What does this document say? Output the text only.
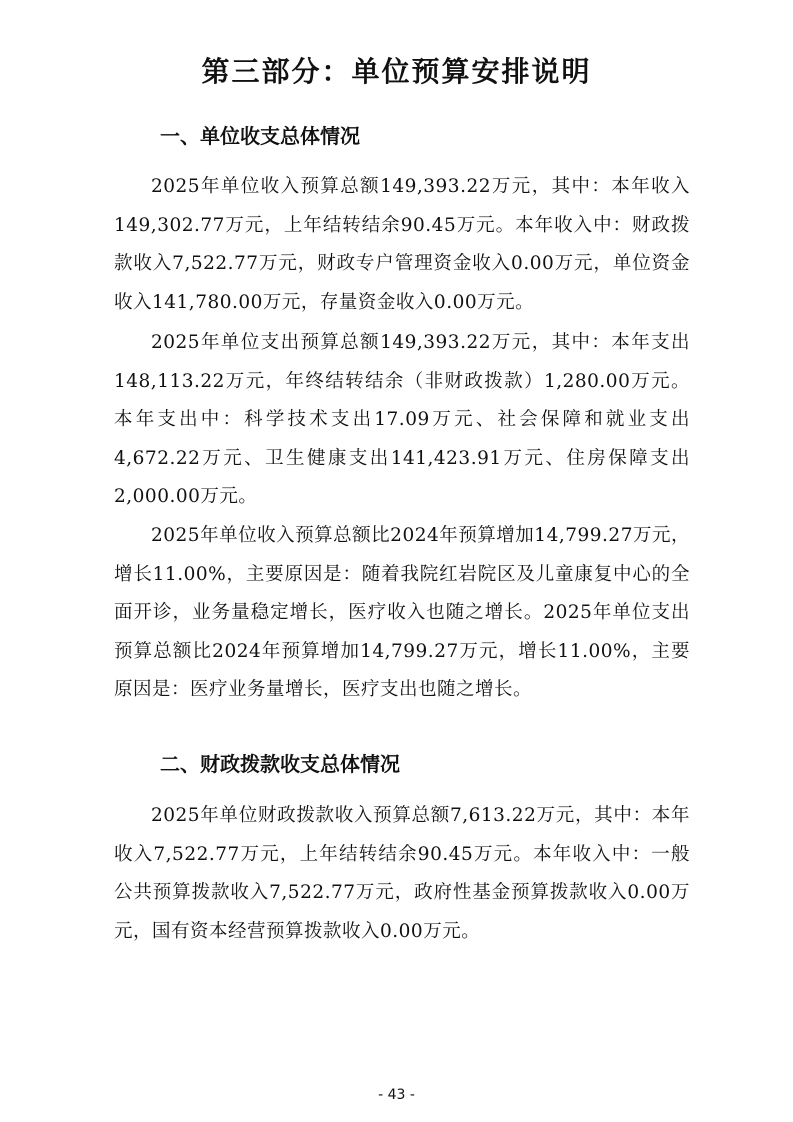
第三部分：单位预算安排说明
一、单位收支总体情况

2025年单位收入预算总额149,393.22万元，其中：本年收入149,302.77万元，上年结转结余90.45万元。本年收入中：财政拨款收入7,522.77万元，财政专户管理资金收入0.00万元，单位资金收入141,780.00万元，存量资金收入0.00万元。

2025年单位支出预算总额149,393.22万元，其中：本年支出148,113.22万元，年终结转结余（非财政拨款）1,280.00万元。本年支出中：科学技术支出17.09万元、社会保障和就业支出4,672.22万元、卫生健康支出141,423.91万元、住房保障支出2,000.00万元。

2025年单位收入预算总额比2024年预算增加14,799.27万元，增长11.00%，主要原因是：随着我院红岩院区及儿童康复中心的全面开诊，业务量稳定增长，医疗收入也随之增长。2025年单位支出预算总额比2024年预算增加14,799.27万元，增长11.00%，主要原因是：医疗业务量增长，医疗支出也随之增长。

二、财政拨款收支总体情况

2025年单位财政拨款收入预算总额7,613.22万元，其中：本年收入7,522.77万元，上年结转结余90.45万元。本年收入中：一般公共预算拨款收入7,522.77万元，政府性基金预算拨款收入0.00万元，国有资本经营预算拨款收入0.00万元。

- 43 -
